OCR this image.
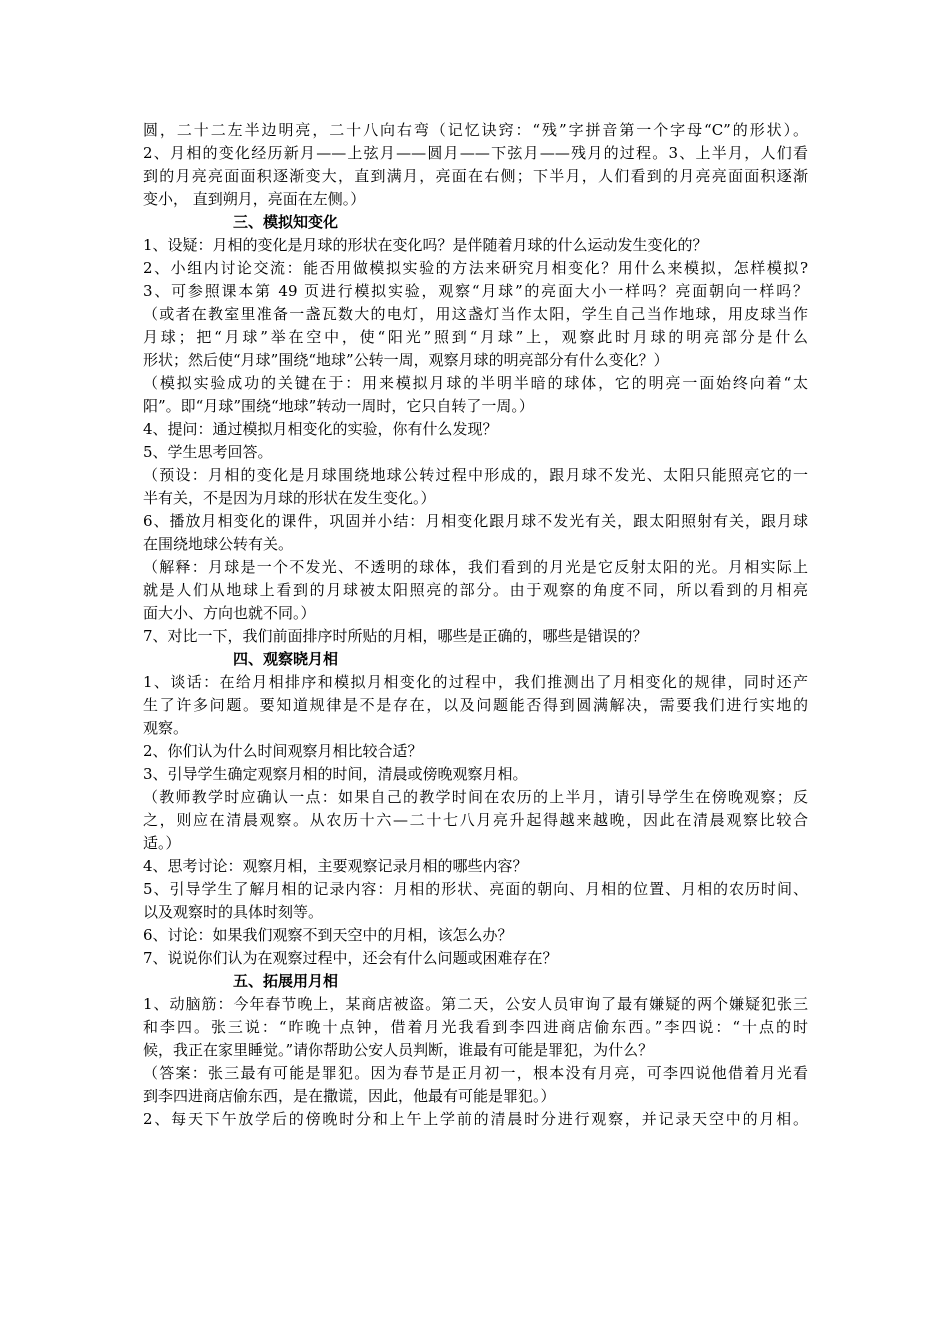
圆，二十二左半边明亮，二十八向右弯（记忆诀窍：“残”字拼音第一个字母“C”的形状）。
2、月相的变化经历新月——上弦月——圆月——下弦月——残月的过程。3、上半月，人们看
到的月亮亮面面积逐渐变大，直到满月，亮面在右侧；下半月，人们看到的月亮亮面面积逐渐
变小， 直到朔月，亮面在左侧。）
三、模拟知变化
1、设疑：月相的变化是月球的形状在变化吗？是伴随着月球的什么运动发生变化的？
2、小组内讨论交流：能否用做模拟实验的方法来研究月相变化？用什么来模拟，怎样模拟?
3、可参照课本第 49 页进行模拟实验，观察“月球”的亮面大小一样吗？亮面朝向一样吗？
（或者在教室里准备一盏瓦数大的电灯，用这盏灯当作太阳，学生自己当作地球，用皮球当作
月球；把“月球”举在空中，使“阳光”照到“月球”上，观察此时月球的明亮部分是什么
形状；然后使“月球”围绕“地球”公转一周，观察月球的明亮部分有什么变化？）
（模拟实验成功的关键在于：用来模拟月球的半明半暗的球体，它的明亮一面始终向着“太
阳”。即“月球”围绕“地球”转动一周时，它只自转了一周。）
4、提问：通过模拟月相变化的实验，你有什么发现？
5、学生思考回答。
（预设：月相的变化是月球围绕地球公转过程中形成的，跟月球不发光、太阳只能照亮它的一
半有关，不是因为月球的形状在发生变化。）
6、播放月相变化的课件，巩固并小结：月相变化跟月球不发光有关，跟太阳照射有关，跟月球
在围绕地球公转有关。
（解释：月球是一个不发光、不透明的球体，我们看到的月光是它反射太阳的光。月相实际上
就是人们从地球上看到的月球被太阳照亮的部分。由于观察的角度不同，所以看到的月相亮
面大小、方向也就不同。）
7、对比一下，我们前面排序时所贴的月相，哪些是正确的，哪些是错误的？
四、观察晓月相
1、谈话：在给月相排序和模拟月相变化的过程中，我们推测出了月相变化的规律，同时还产
生了许多问题。要知道规律是不是存在，以及问题能否得到圆满解决，需要我们进行实地的
观察。
2、你们认为什么时间观察月相比较合适？
3、引导学生确定观察月相的时间，清晨或傍晚观察月相。
（教师教学时应确认一点：如果自己的教学时间在农历的上半月，请引导学生在傍晚观察；反
之，则应在清晨观察。从农历十六—二十七八月亮升起得越来越晚，因此在清晨观察比较合
适。）
4、思考讨论：观察月相，主要观察记录月相的哪些内容？
5、引导学生了解月相的记录内容：月相的形状、亮面的朝向、月相的位置、月相的农历时间、
以及观察时的具体时刻等。
6、讨论：如果我们观察不到天空中的月相，该怎么办？
7、说说你们认为在观察过程中，还会有什么问题或困难存在？
五、拓展用月相
1、动脑筋：今年春节晚上，某商店被盗。第二天，公安人员审询了最有嫌疑的两个嫌疑犯张三
和李四。张三说：“昨晚十点钟，借着月光我看到李四进商店偷东西。”李四说：“十点的时
候，我正在家里睡觉。”请你帮助公安人员判断，谁最有可能是罪犯，为什么？
（答案：张三最有可能是罪犯。因为春节是正月初一，根本没有月亮，可李四说他借着月光看
到李四进商店偷东西，是在撒谎，因此，他最有可能是罪犯。）
2、每天下午放学后的傍晚时分和上午上学前的清晨时分进行观察，并记录天空中的月相。
